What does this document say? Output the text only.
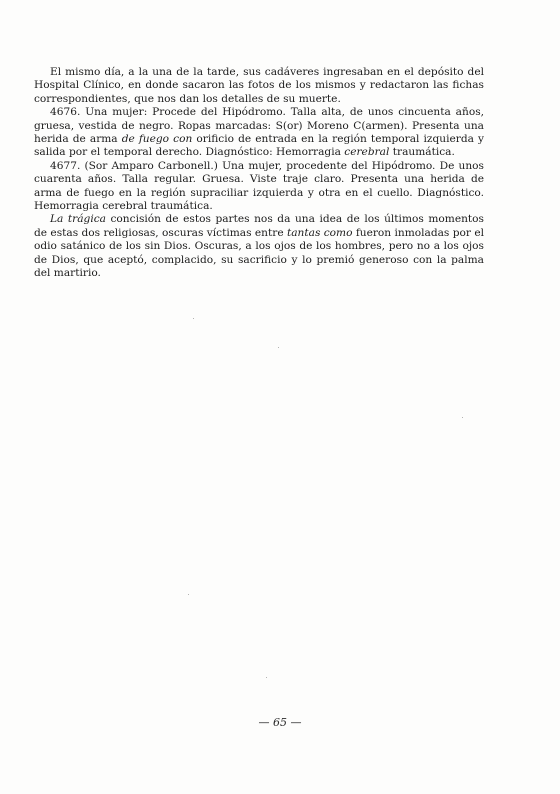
El mismo día, a la una de la tarde, sus cadáveres ingresaban en el depósito del Hospital Clínico, en donde sacaron las fotos de los mismos y redactaron las fichas correspondientes, que nos dan los detalles de su muerte.

4676. Una mujer: Procede del Hipódromo. Talla alta, de unos cincuenta años, gruesa, vestida de negro. Ropas marcadas: S(or) Moreno C(armen). Presenta una herida de arma de fuego con orificio de entrada en la región temporal izquierda y salida por el temporal derecho. Diagnóstico: Hemorragia cerebral traumática.

4677. (Sor Amparo Carbonell.) Una mujer, procedente del Hipódromo. De unos cuarenta años. Talla regular. Gruesa. Viste traje claro. Presenta una herida de arma de fuego en la región supraciliar izquierda y otra en el cuello. Diagnóstico. Hemorragia cerebral traumática.

La trágica concisión de estos partes nos da una idea de los últimos momentos de estas dos religiosas, oscuras víctimas entre tantas como fueron inmoladas por el odio satánico de los sin Dios. Oscuras, a los ojos de los hombres, pero no a los ojos de Dios, que aceptó, complacido, su sacrificio y lo premió generoso con la palma del martirio.

— 65 —
